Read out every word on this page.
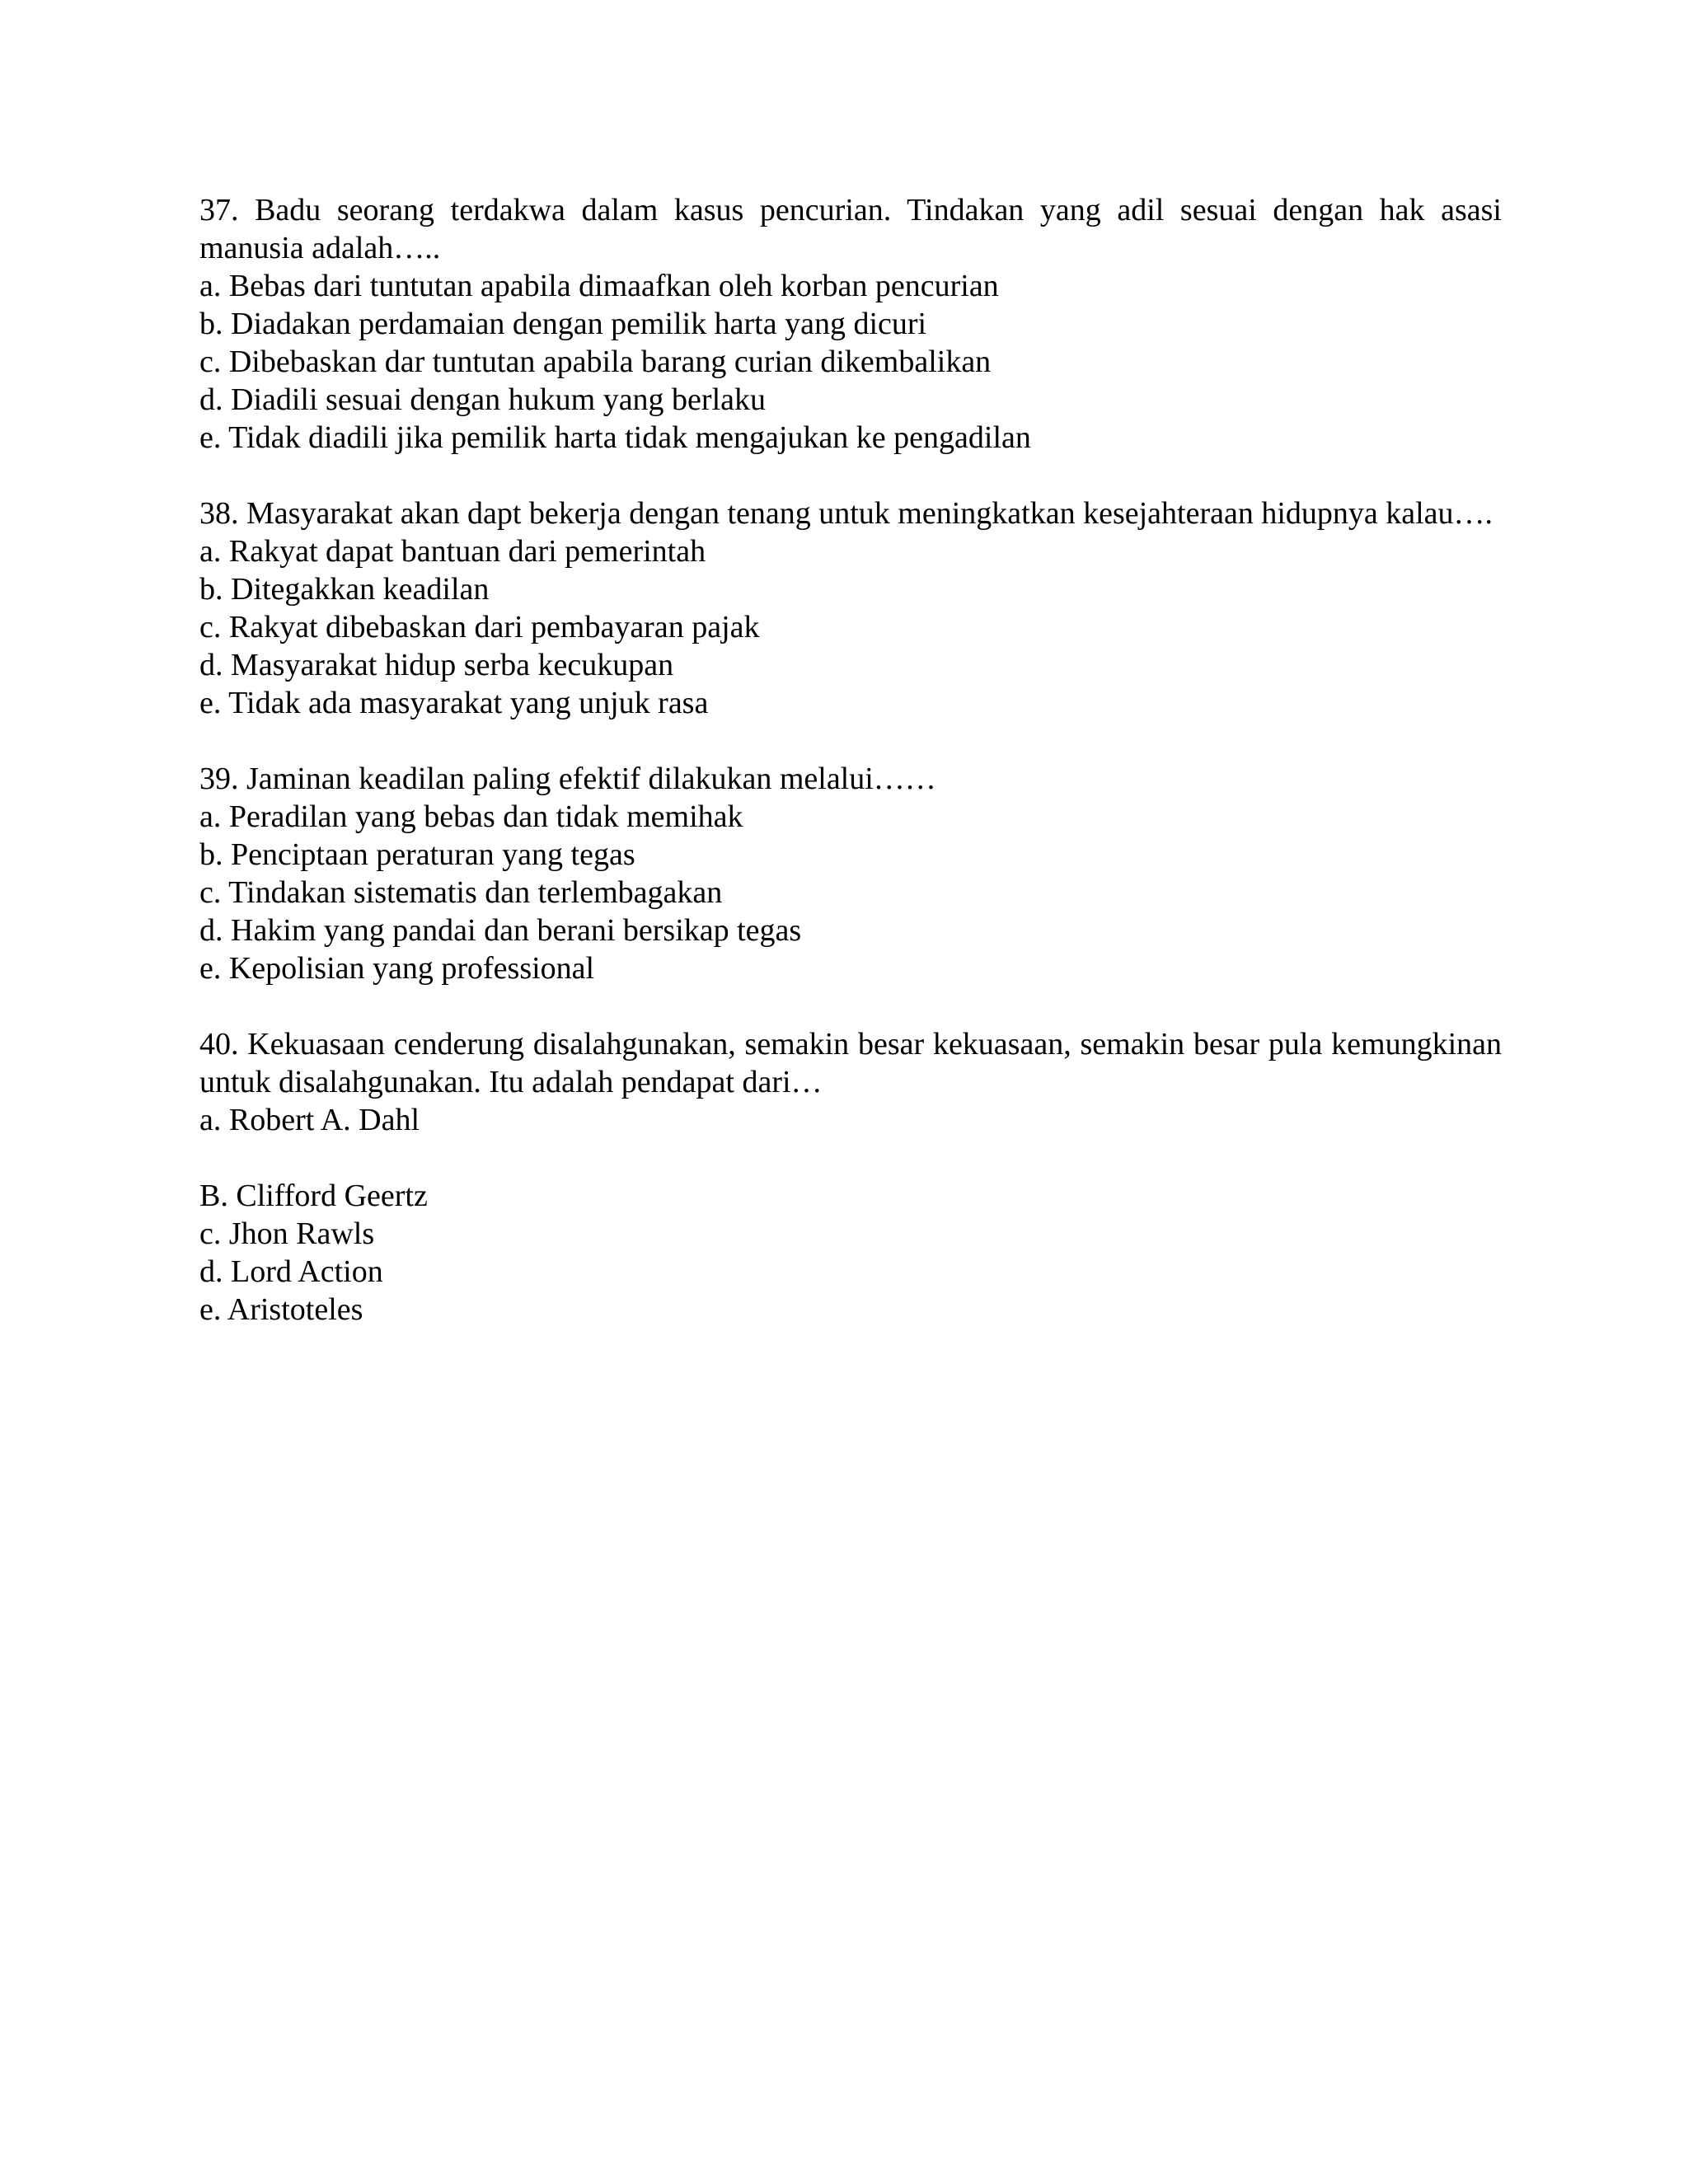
37. Badu seorang terdakwa dalam kasus pencurian. Tindakan yang adil sesuai dengan hak asasi manusia adalah…..

a. Bebas dari tuntutan apabila dimaafkan oleh korban pencurian
b. Diadakan perdamaian dengan pemilik harta yang dicuri
c. Dibebaskan dar tuntutan apabila barang curian dikembalikan
d. Diadili sesuai dengan hukum yang berlaku
e. Tidak diadili jika pemilik harta tidak mengajukan ke pengadilan

38. Masyarakat akan dapt bekerja dengan tenang untuk meningkatkan kesejahteraan hidupnya kalau….

a. Rakyat dapat bantuan dari pemerintah
b. Ditegakkan keadilan
c. Rakyat dibebaskan dari pembayaran pajak
d. Masyarakat hidup serba kecukupan
e. Tidak ada masyarakat yang unjuk rasa

39. Jaminan keadilan paling efektif dilakukan melalui……

a. Peradilan yang bebas dan tidak memihak
b. Penciptaan peraturan yang tegas
c. Tindakan sistematis dan terlembagakan
d. Hakim yang pandai dan berani bersikap tegas
e. Kepolisian yang professional

40. Kekuasaan cenderung disalahgunakan, semakin besar kekuasaan, semakin besar pula kemungkinan untuk disalahgunakan. Itu adalah pendapat dari…

a. Robert A. Dahl
B. Clifford Geertz
c. Jhon Rawls
d. Lord Action
e. Aristoteles
